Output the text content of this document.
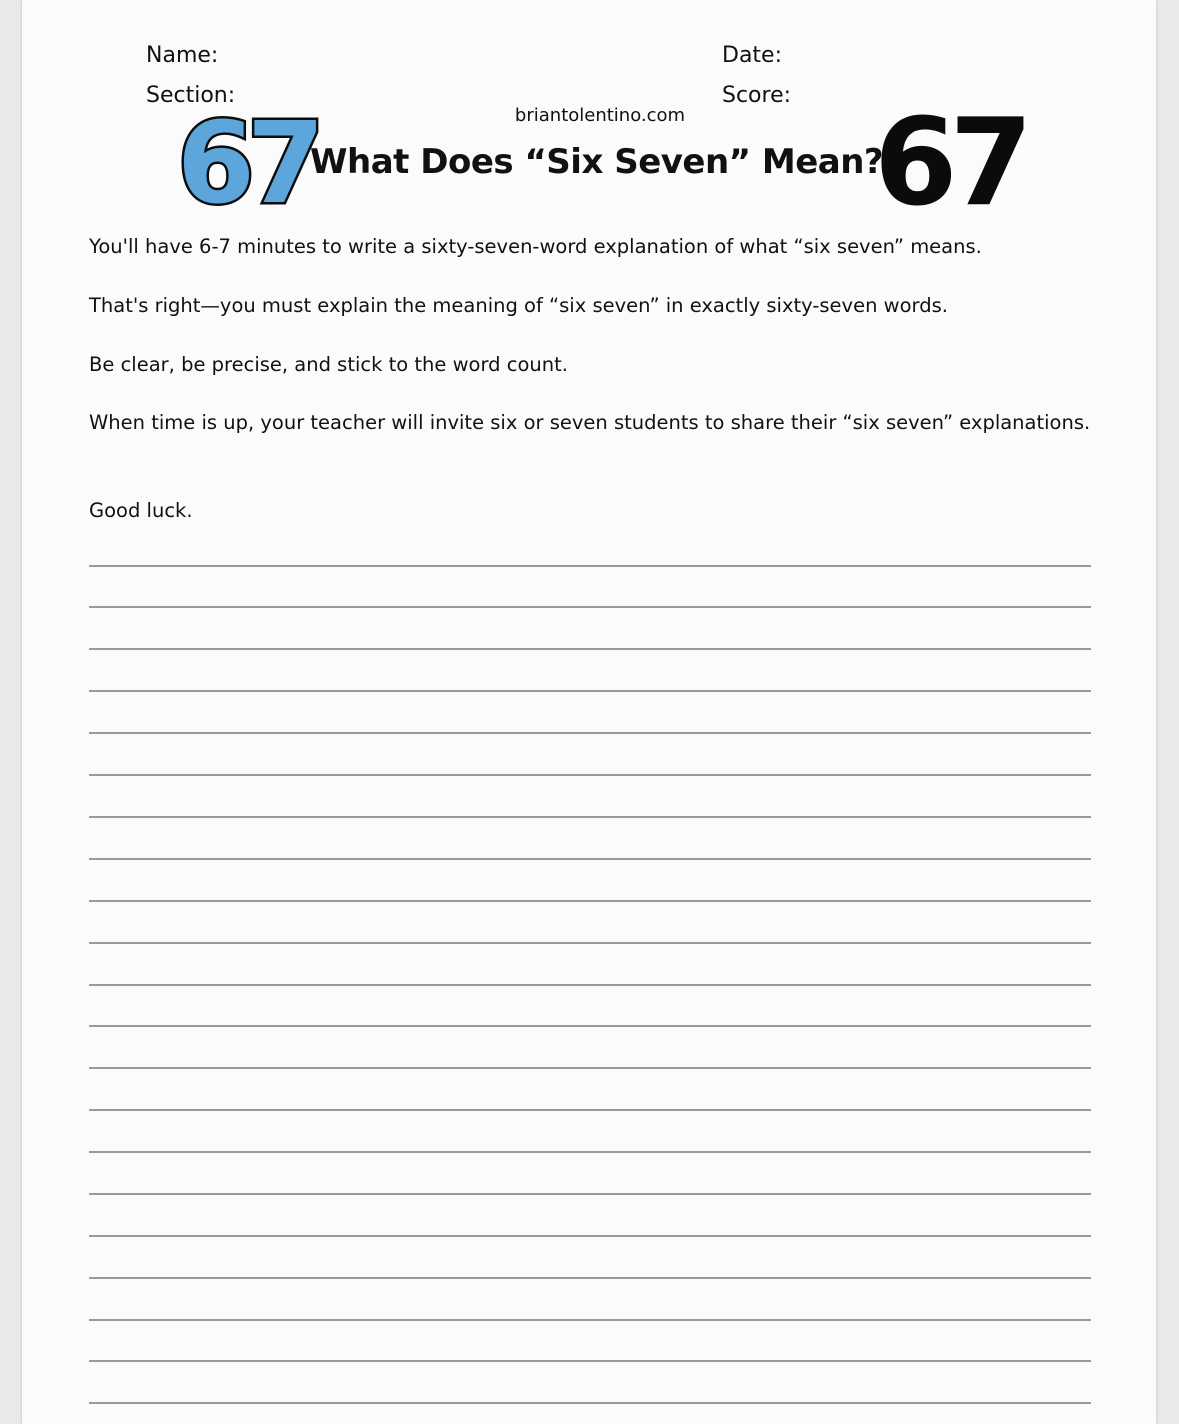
Name:	Date:
Section:	Score:
briantolentino.com
67
What Does “Six Seven” Mean?
67
You'll have 6-7 minutes to write a sixty-seven-word explanation of what “six seven” means.
That's right—you must explain the meaning of “six seven” in exactly sixty-seven words.
Be clear, be precise, and stick to the word count.
When time is up, your teacher will invite six or seven students to share their “six seven” explanations.
Good luck.
